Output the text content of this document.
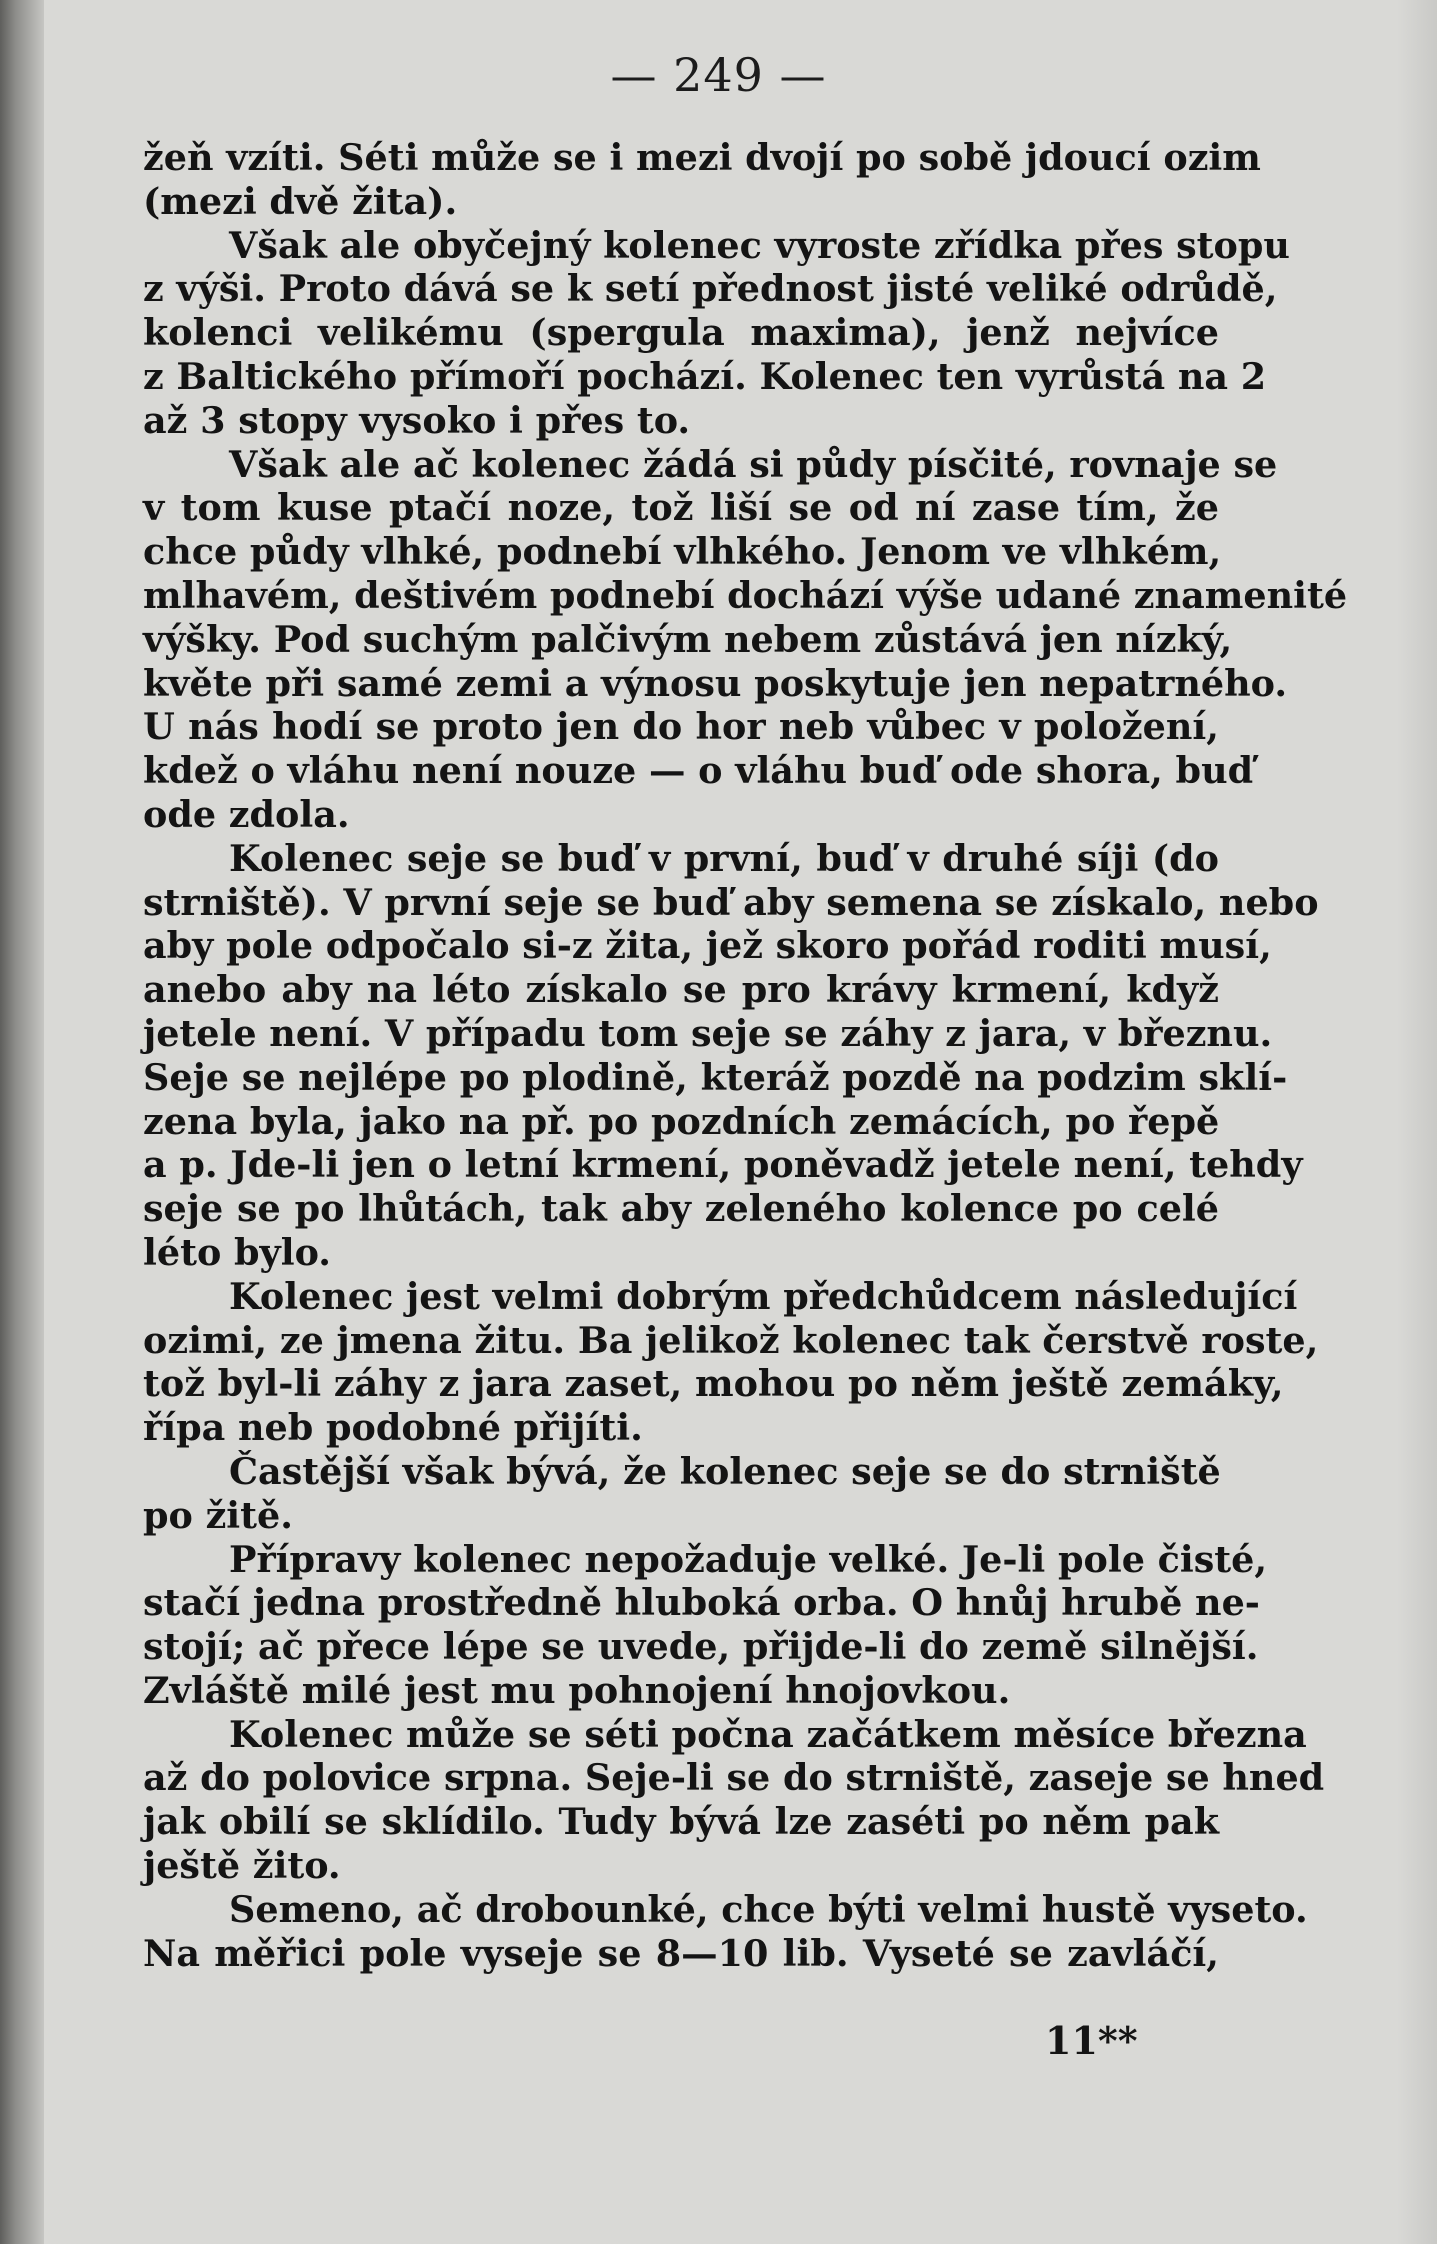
— 249 —
žeň vzíti. Séti může se i mezi dvojí po sobě jdoucí ozim
(mezi dvě žita).
Však ale obyčejný kolenec vyroste zřídka přes stopu
z výši. Proto dává se k setí přednost jisté veliké odrůdě,
kolenci velikému (spergula maxima), jenž nejvíce
z Baltického přímoří pochází. Kolenec ten vyrůstá na 2
až 3 stopy vysoko i přes to.
Však ale ač kolenec žádá si půdy písčité, rovnaje se
v tom kuse ptačí noze, tož liší se od ní zase tím, že
chce půdy vlhké, podnebí vlhkého. Jenom ve vlhkém,
mlhavém, deštivém podnebí dochází výše udané znamenité
výšky. Pod suchým palčivým nebem zůstává jen nízký,
květe při samé zemi a výnosu poskytuje jen nepatrného.
U nás hodí se proto jen do hor neb vůbec v položení,
kdež o vláhu není nouze — o vláhu buď ode shora, buď
ode zdola.
Kolenec seje se buď v první, buď v druhé síji (do
strniště). V první seje se buď aby semena se získalo, nebo
aby pole odpočalo si-z žita, jež skoro pořád roditi musí,
anebo aby na léto získalo se pro krávy krmení, když
jetele není. V případu tom seje se záhy z jara, v březnu.
Seje se nejlépe po plodině, kteráž pozdě na podzim sklí-
zena byla, jako na př. po pozdních zemácích, po řepě
a p. Jde-li jen o letní krmení, poněvadž jetele není, tehdy
seje se po lhůtách, tak aby zeleného kolence po celé
léto bylo.
Kolenec jest velmi dobrým předchůdcem následující
ozimi, ze jmena žitu. Ba jelikož kolenec tak čerstvě roste,
tož byl-li záhy z jara zaset, mohou po něm ještě zemáky,
řípa neb podobné přijíti.
Častější však bývá, že kolenec seje se do strniště
po žitě.
Přípravy kolenec nepožaduje velké. Je-li pole čisté,
stačí jedna prostředně hluboká orba. O hnůj hrubě ne-
stojí; ač přece lépe se uvede, přijde-li do země silnější.
Zvláště milé jest mu pohnojení hnojovkou.
Kolenec může se séti počna začátkem měsíce března
až do polovice srpna. Seje-li se do strniště, zaseje se hned
jak obilí se sklídilo. Tudy bývá lze zaséti po něm pak
ještě žito.
Semeno, ač drobounké, chce býti velmi hustě vyseto.
Na měřici pole vyseje se 8—10 lib. Vyseté se zavláčí,
11**
